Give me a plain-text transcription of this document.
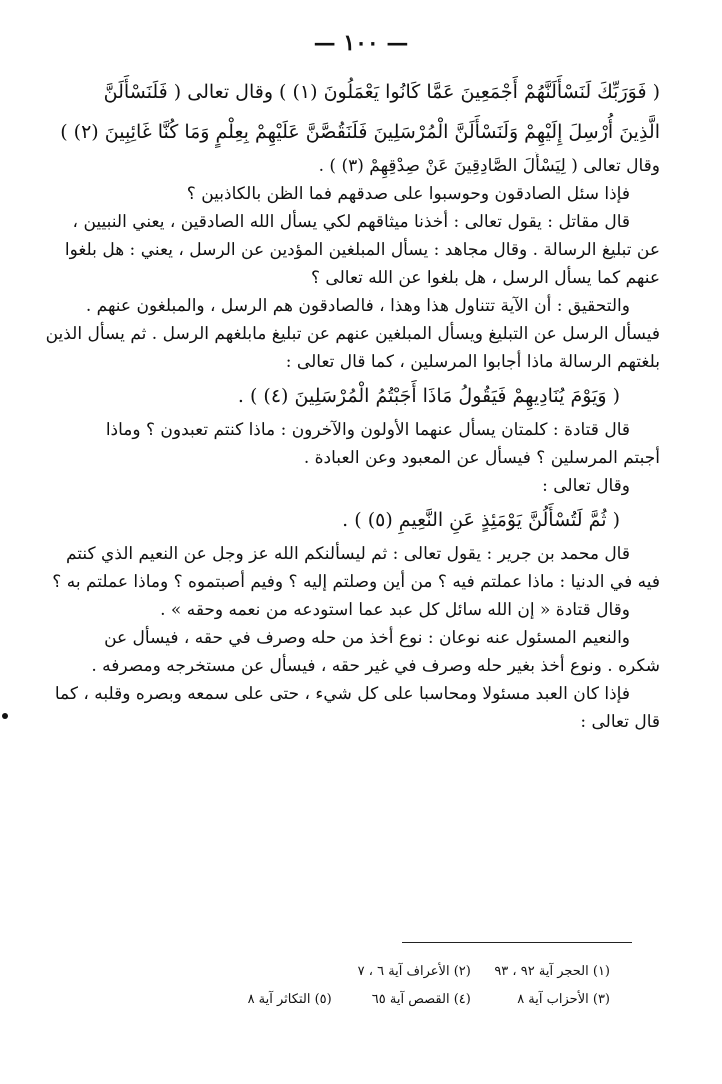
— ١٠٠ —
( فَوَرَبِّكَ لَنَسْأَلَنَّهُمْ أَجْمَعِينَ عَمَّا كَانُوا يَعْمَلُونَ (١) ) وقال تعالى ( فَلَنَسْأَلَنَّ
الَّذِينَ أُرْسِلَ إِلَيْهِمْ وَلَنَسْأَلَنَّ الْمُرْسَلِينَ فَلَنَقُصَّنَّ عَلَيْهِمْ بِعِلْمٍ وَمَا كُنَّا غَائِبِينَ (٢) )
وقال تعالى ( لِيَسْأَلَ الصَّادِقِينَ عَنْ صِدْقِهِمْ (٣) ) .
فإذا سئل الصادقون وحوسبوا على صدقهم فما الظن بالكاذبين ؟
قال مقاتل : يقول تعالى : أخذنا ميثاقهم لكي يسأل الله الصادقين ، يعني النبيين ،
عن تبليغ الرسالة . وقال مجاهد : يسأل المبلغين المؤدين عن الرسل ، يعني : هل بلغوا
عنهم كما يسأل الرسل ، هل بلغوا عن الله تعالى ؟
والتحقيق : أن الآية تتناول هذا وهذا ، فالصادقون هم الرسل ، والمبلغون عنهم .
فيسأل الرسل عن التبليغ ويسأل المبلغين عنهم عن تبليغ مابلغهم الرسل . ثم يسأل الذين
بلغتهم الرسالة ماذا أجابوا المرسلين ، كما قال تعالى :
( وَيَوْمَ يُنَادِيهِمْ فَيَقُولُ مَاذَا أَجَبْتُمُ الْمُرْسَلِينَ (٤) ) .
قال قتادة : كلمتان يسأل عنهما الأولون والآخرون : ماذا كنتم تعبدون ؟ وماذا
أجبتم المرسلين ؟ فيسأل عن المعبود وعن العبادة .
وقال تعالى :
( ثُمَّ لَتُسْأَلُنَّ يَوْمَئِذٍ عَنِ النَّعِيمِ (٥) ) .
قال محمد بن جرير : يقول تعالى : ثم ليسألنكم الله عز وجل عن النعيم الذي كنتم
فيه في الدنيا : ماذا عملتم فيه ؟ من أين وصلتم إليه ؟ وفيم أصبتموه ؟ وماذا عملتم به ؟
وقال قتادة « إن الله سائل كل عبد عما استودعه من نعمه وحقه » .
والنعيم المسئول عنه نوعان : نوع أخذ من حله وصرف في حقه ، فيسأل عن
شكره . ونوع أخذ بغير حله وصرف في غير حقه ، فيسأل عن مستخرجه ومصرفه .
فإذا كان العبد مسئولا ومحاسبا على كل شيء ، حتى على سمعه وبصره وقلبه ، كما
قال تعالى :
(١) الحجر آية ٩٢ ، ٩٣ (٢) الأعراف آية ٦ ، ٧
(٣) الأحزاب آية ٨ (٤) القصص آية ٦٥ (٥) التكاثر آية ٨
